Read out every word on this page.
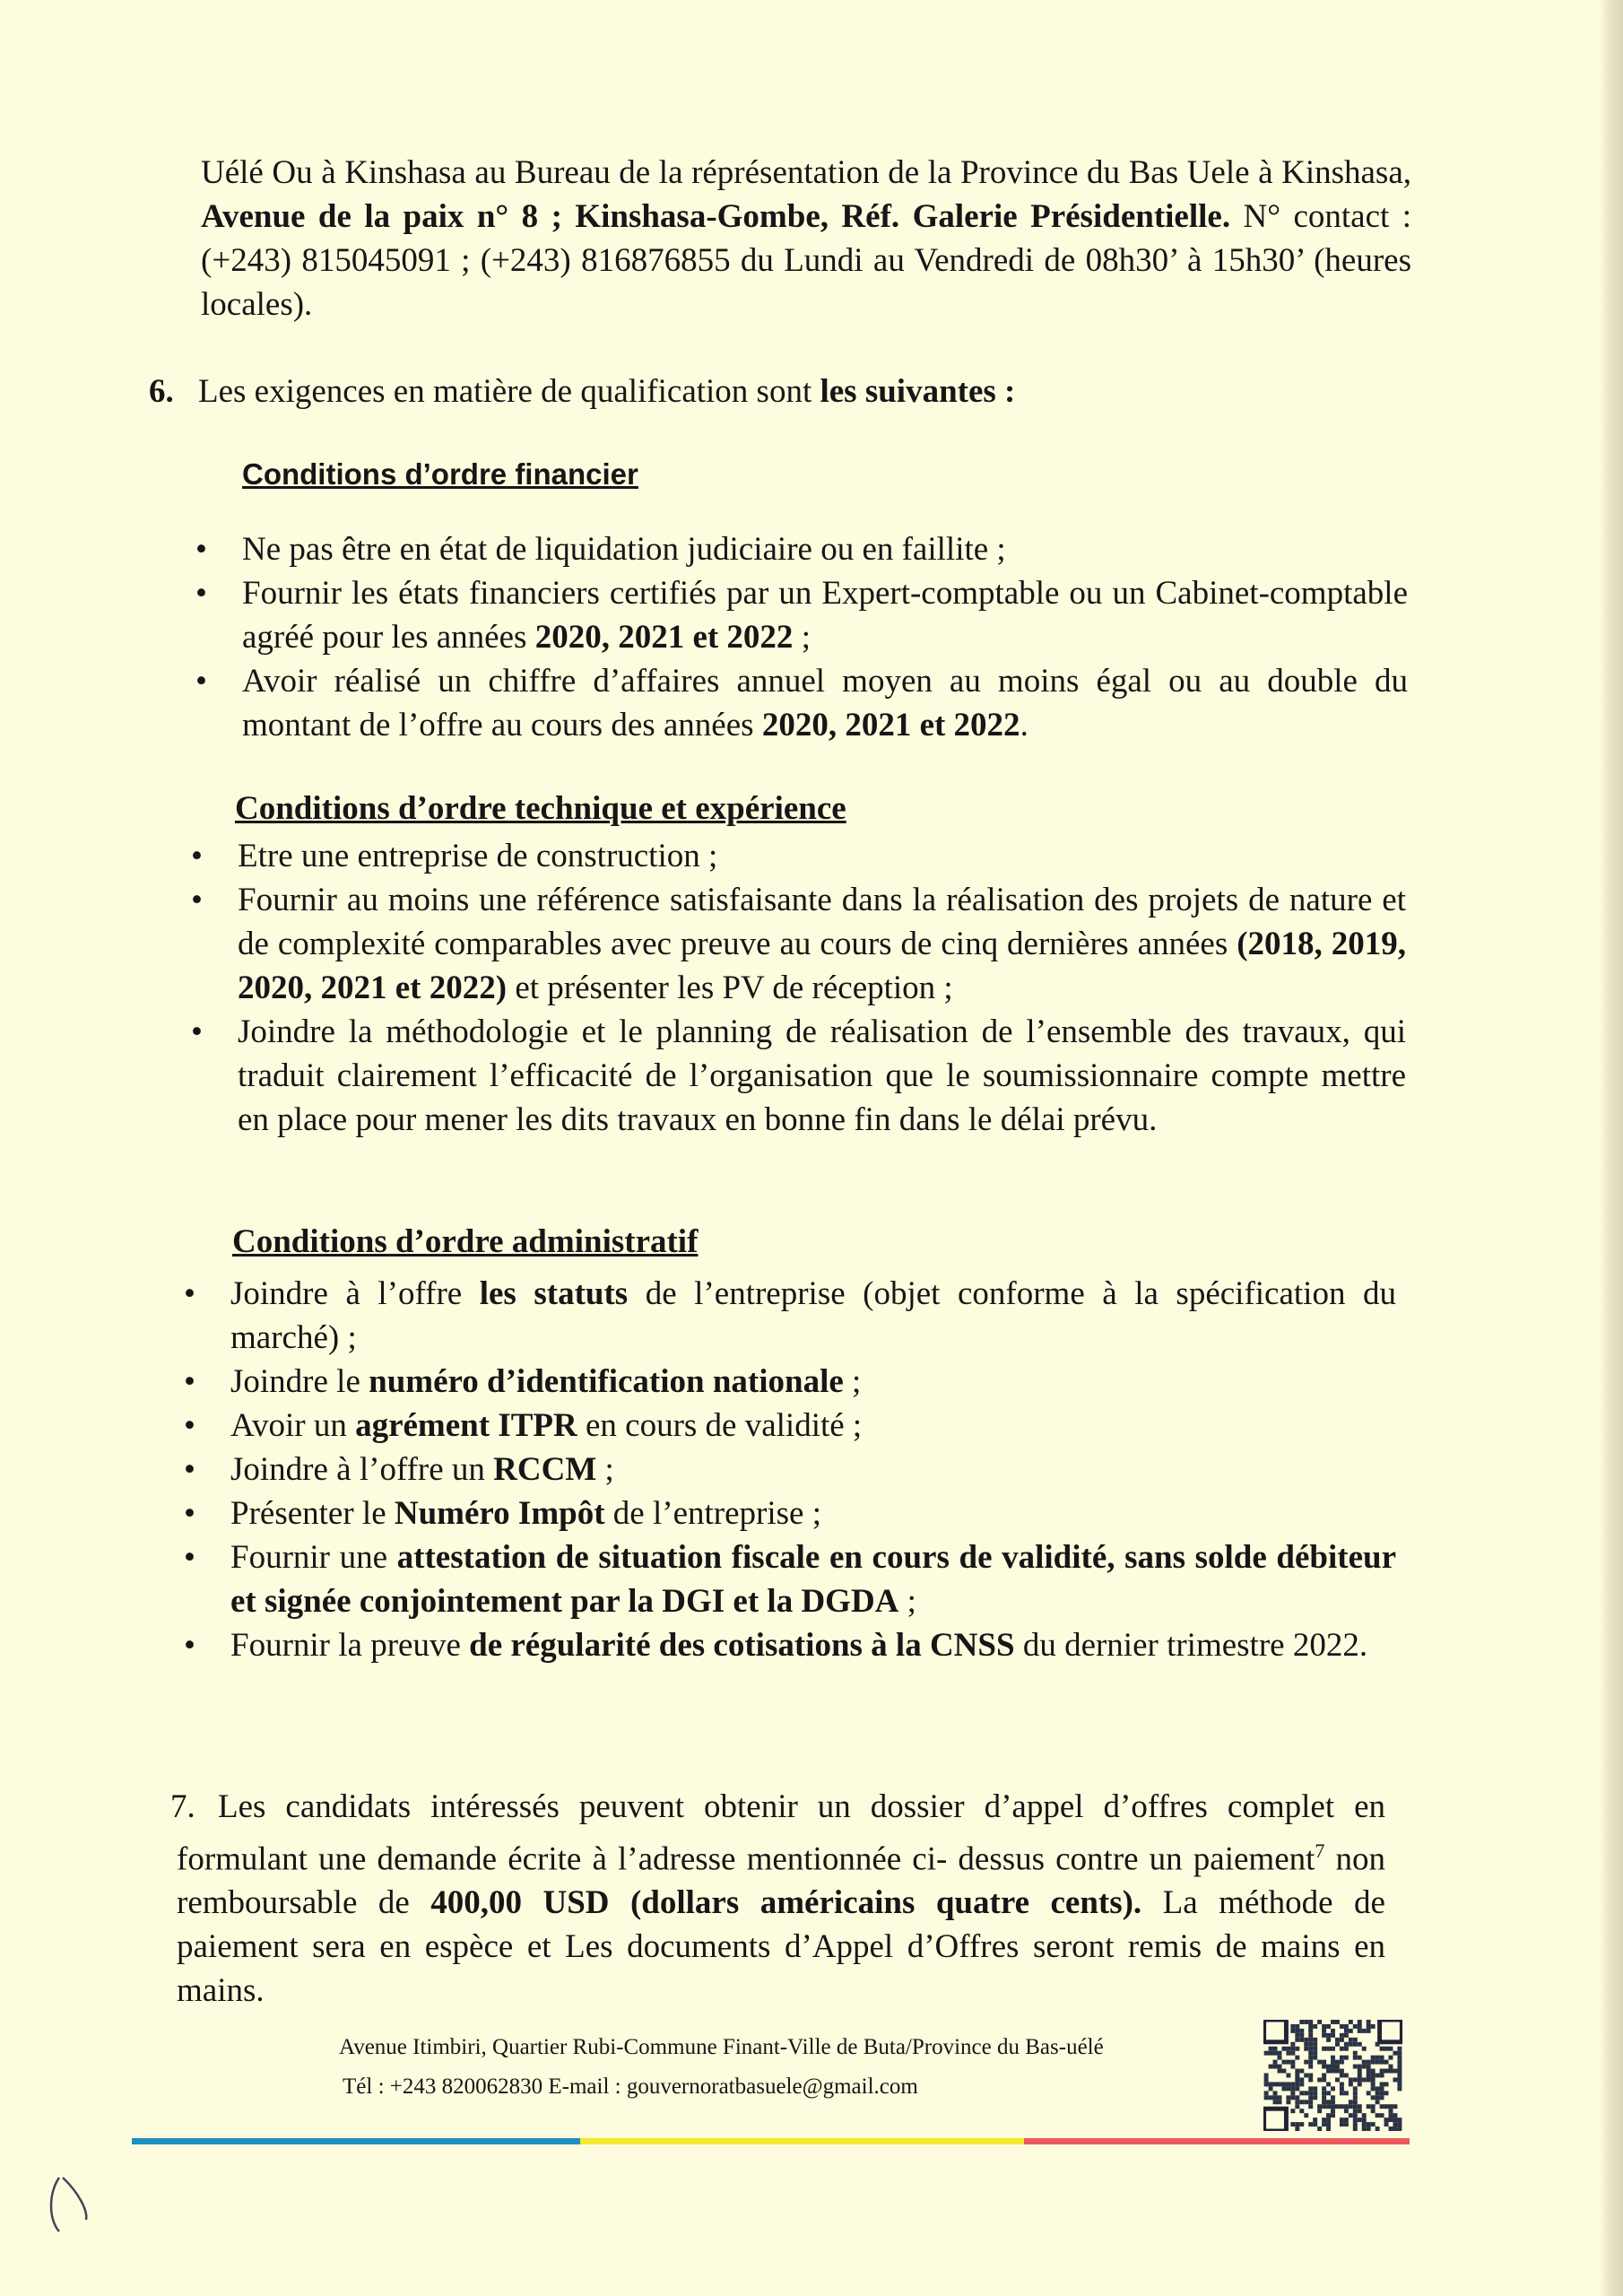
Uélé Ou à Kinshasa au Bureau de la réprésentation de la Province du Bas Uele à Kinshasa, Avenue de la paix n° 8 ; Kinshasa-Gombe, Réf. Galerie Présidentielle. N° contact : (+243) 815045091 ; (+243) 816876855 du Lundi au Vendredi de 08h30’ à 15h30’ (heures locales).
6. Les exigences en matière de qualification sont les suivantes :
Conditions d’ordre financier
• Ne pas être en état de liquidation judiciaire ou en faillite ;
• Fournir les états financiers certifiés par un Expert-comptable ou un Cabinet-comptable agréé pour les années 2020, 2021 et 2022 ;
• Avoir réalisé un chiffre d’affaires annuel moyen au moins égal ou au double du montant de l’offre au cours des années 2020, 2021 et 2022.
Conditions d’ordre technique et expérience
• Etre une entreprise de construction ;
• Fournir au moins une référence satisfaisante dans la réalisation des projets de nature et de complexité comparables avec preuve au cours de cinq dernières années (2018, 2019, 2020, 2021 et 2022) et présenter les PV de réception ;
• Joindre la méthodologie et le planning de réalisation de l’ensemble des travaux, qui traduit clairement l’efficacité de l’organisation que le soumissionnaire compte mettre en place pour mener les dits travaux en bonne fin dans le délai prévu.
Conditions d’ordre administratif
• Joindre à l’offre les statuts de l’entreprise (objet conforme à la spécification du marché) ;
• Joindre le numéro d’identification nationale ;
• Avoir un agrément ITPR en cours de validité ;
• Joindre à l’offre un RCCM ;
• Présenter le Numéro Impôt de l’entreprise ;
• Fournir une attestation de situation fiscale en cours de validité, sans solde débiteur et signée conjointement par la DGI et la DGDA ;
• Fournir la preuve de régularité des cotisations à la CNSS du dernier trimestre 2022.
7. Les candidats intéressés peuvent obtenir un dossier d’appel d’offres complet en formulant une demande écrite à l’adresse mentionnée ci- dessus contre un paiement$^7$ non remboursable de 400,00 USD (dollars américains quatre cents). La méthode de paiement sera en espèce et Les documents d’Appel d’Offres seront remis de mains en mains.
Avenue Itimbiri, Quartier Rubi-Commune Finant-Ville de Buta/Province du Bas-uélé
Tél : +243 820062830 E-mail : gouvernoratbasuele@gmail.com
